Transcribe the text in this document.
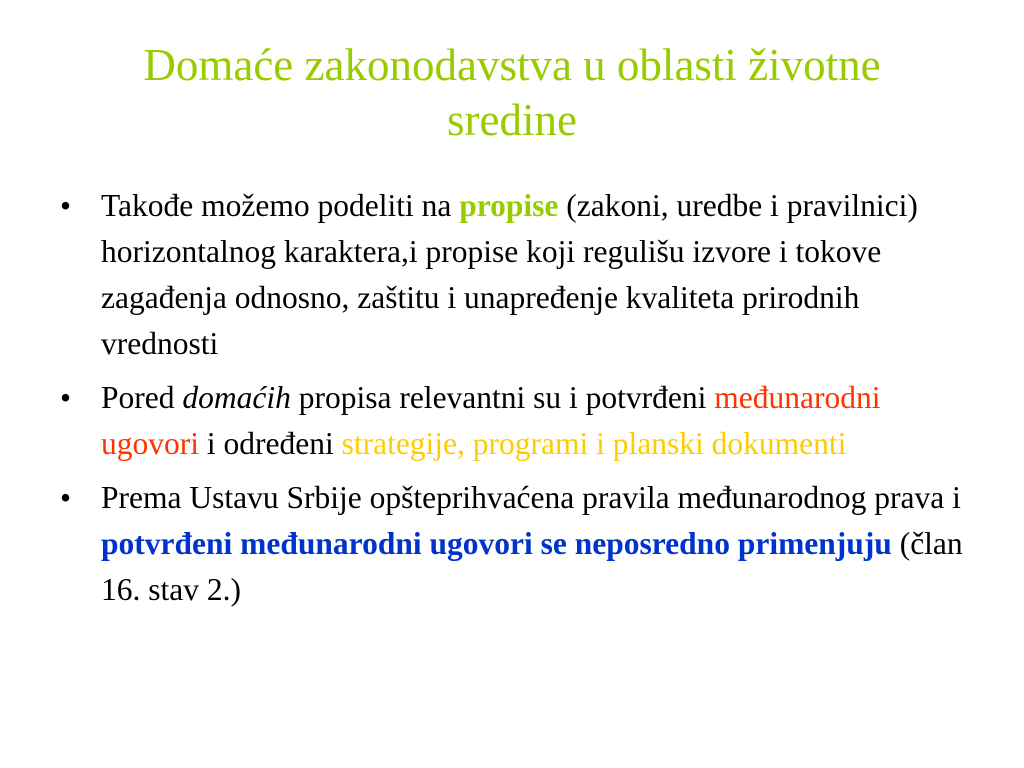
Domaće zakonodavstva u oblasti životne
sredine
• Takođe možemo podeliti na propise (zakoni, uredbe i pravilnici) horizontalnog karaktera,i propise koji regulišu izvore i tokove zagađenja odnosno, zaštitu i unapređenje kvaliteta prirodnih vrednosti
• Pored domaćih propisa relevantni su i potvrđeni međunarodni ugovori i određeni strategije, programi i planski dokumenti
• Prema Ustavu Srbije opšteprihvaćena pravila međunarodnog prava i potvrđeni međunarodni ugovori se neposredno primenjuju (član 16. stav 2.)
